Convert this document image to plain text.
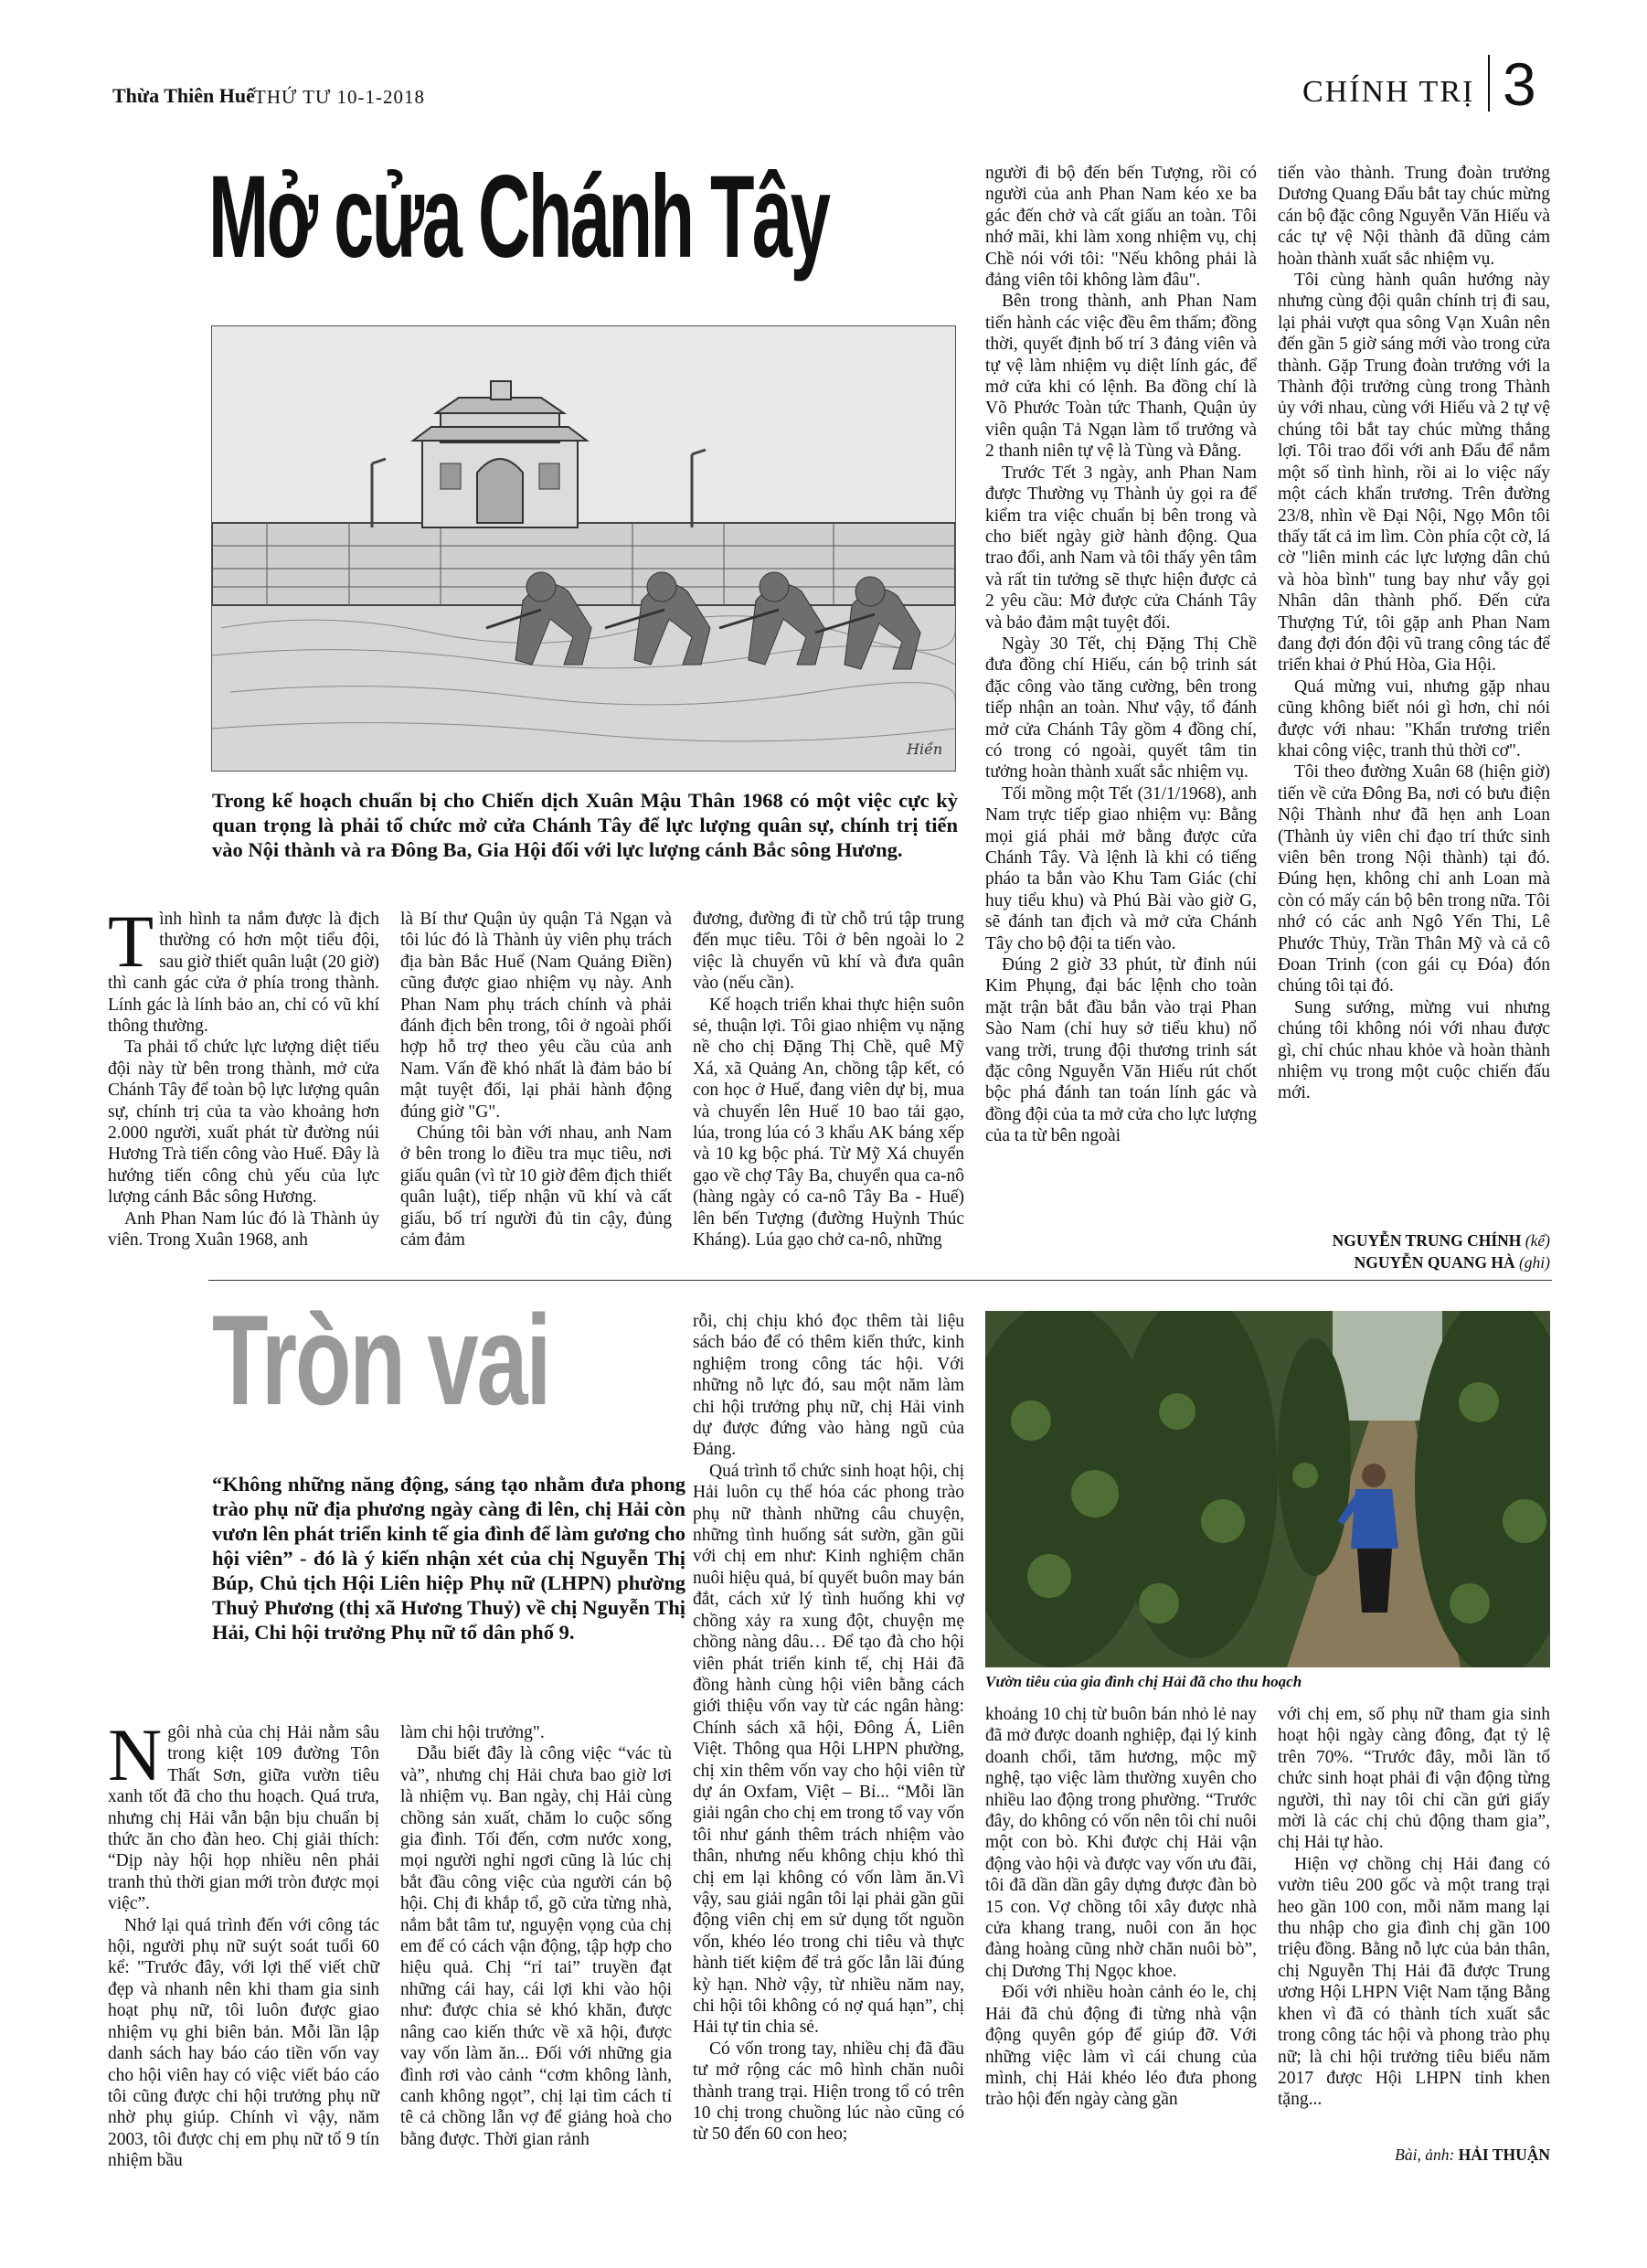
Thừa Thiên Huế THỨ TƯ 10-1-2018	CHÍNH TRỊ 3
Mở cửa Chánh Tây
Hiền
Trong kế hoạch chuẩn bị cho Chiến dịch Xuân Mậu Thân 1968 có một việc cực kỳ quan trọng là phải tổ chức mở cửa Chánh Tây để lực lượng quân sự, chính trị tiến vào Nội thành và ra Đông Ba, Gia Hội đối với lực lượng cánh Bắc sông Hương.
T ình hình ta nắm được là địch thường có hơn một tiểu đội, sau giờ thiết quân luật (20 giờ) thì canh gác cửa ở phía trong thành. Lính gác là lính bảo an, chỉ có vũ khí thông thường.

Ta phải tổ chức lực lượng diệt tiểu đội này từ bên trong thành, mở cửa Chánh Tây để toàn bộ lực lượng quân sự, chính trị của ta vào khoảng hơn 2.000 người, xuất phát từ đường núi Hương Trà tiến công vào Huế. Đây là hướng tiến công chủ yếu của lực lượng cánh Bắc sông Hương.

Anh Phan Nam lúc đó là Thành ủy viên. Trong Xuân 1968, anh

là Bí thư Quận ủy quận Tả Ngạn và tôi lúc đó là Thành ủy viên phụ trách địa bàn Bắc Huế (Nam Quảng Điền) cũng được giao nhiệm vụ này. Anh Phan Nam phụ trách chính và phải đánh địch bên trong, tôi ở ngoài phối hợp hỗ trợ theo yêu cầu của anh Nam. Vấn đề khó nhất là đảm bảo bí mật tuyệt đối, lại phải hành động đúng giờ "G".

Chúng tôi bàn với nhau, anh Nam ở bên trong lo điều tra mục tiêu, nơi giấu quân (vì từ 10 giờ đêm địch thiết quân luật), tiếp nhận vũ khí và cất giấu, bố trí người đủ tin cậy, đủng cảm đảm

đương, đường đi từ chỗ trú tập trung đến mục tiêu. Tôi ở bên ngoài lo 2 việc là chuyển vũ khí và đưa quân vào (nếu cần).

Kế hoạch triển khai thực hiện suôn sẻ, thuận lợi. Tôi giao nhiệm vụ nặng nề cho chị Đặng Thị Chề, quê Mỹ Xá, xã Quảng An, chồng tập kết, có con học ở Huế, đang viên dự bị, mua và chuyển lên Huế 10 bao tải gạo, lúa, trong lúa có 3 khẩu AK báng xếp và 10 kg bộc phá. Từ Mỹ Xá chuyển gạo về chợ Tây Ba, chuyển qua ca-nô (hàng ngày có ca-nô Tây Ba - Huế) lên bến Tượng (đường Huỳnh Thúc Kháng). Lúa gạo chở ca-nô, những

người đi bộ đến bến Tượng, rồi có người của anh Phan Nam kéo xe ba gác đến chở và cất giấu an toàn. Tôi nhớ mãi, khi làm xong nhiệm vụ, chị Chề nói với tôi: "Nếu không phải là đảng viên tôi không làm đâu".

Bên trong thành, anh Phan Nam tiến hành các việc đều êm thấm; đồng thời, quyết định bố trí 3 đảng viên và tự vệ làm nhiệm vụ diệt lính gác, để mở cửa khi có lệnh. Ba đồng chí là Võ Phước Toàn tức Thanh, Quận ủy viên quận Tả Ngạn làm tổ trưởng và 2 thanh niên tự vệ là Tùng và Đằng.

Trước Tết 3 ngày, anh Phan Nam được Thường vụ Thành ủy gọi ra để kiểm tra việc chuẩn bị bên trong và cho biết ngày giờ hành động. Qua trao đổi, anh Nam và tôi thấy yên tâm và rất tin tưởng sẽ thực hiện được cả 2 yêu cầu: Mở được cửa Chánh Tây và bảo đảm mật tuyệt đối.

Ngày 30 Tết, chị Đặng Thị Chề đưa đồng chí Hiếu, cán bộ trinh sát đặc công vào tăng cường, bên trong tiếp nhận an toàn. Như vậy, tổ đánh mở cửa Chánh Tây gồm 4 đồng chí, có trong có ngoài, quyết tâm tin tưởng hoàn thành xuất sắc nhiệm vụ.

Tối mồng một Tết (31/1/1968), anh Nam trực tiếp giao nhiệm vụ: Bằng mọi giá phải mở bằng được cửa Chánh Tây. Và lệnh là khi có tiếng pháo ta bắn vào Khu Tam Giác (chỉ huy tiểu khu) và Phú Bài vào giờ G, sẽ đánh tan địch và mở cửa Chánh Tây cho bộ đội ta tiến vào.

Đúng 2 giờ 33 phút, từ đỉnh núi Kim Phụng, đại bác lệnh cho toàn mặt trận bắt đầu bắn vào trại Phan Sào Nam (chỉ huy sở tiểu khu) nổ vang trời, trung đội thương trinh sát đặc công Nguyễn Văn Hiếu rút chốt bộc phá đánh tan toán lính gác và đồng đội của ta mở cửa cho lực lượng của ta từ bên ngoài

tiến vào thành. Trung đoàn trưởng Dương Quang Đẩu bắt tay chúc mừng cán bộ đặc công Nguyễn Văn Hiếu và các tự vệ Nội thành đã dũng cảm hoàn thành xuất sắc nhiệm vụ.

Tôi cùng hành quân hướng này nhưng cùng đội quân chính trị đi sau, lại phải vượt qua sông Vạn Xuân nên đến gần 5 giờ sáng mới vào trong cửa thành. Gặp Trung đoàn trưởng với la Thành đội trưởng cùng trong Thành ủy với nhau, cùng với Hiếu và 2 tự vệ chúng tôi bắt tay chúc mừng thắng lợi. Tôi trao đổi với anh Đẩu để nắm một số tình hình, rồi ai lo việc nấy một cách khẩn trương. Trên đường 23/8, nhìn về Đại Nội, Ngọ Môn tôi thấy tất cả im lìm. Còn phía cột cờ, lá cờ "liên minh các lực lượng dân chủ và hòa bình" tung bay như vẫy gọi Nhân dân thành phố. Đến cửa Thượng Tứ, tôi gặp anh Phan Nam đang đợi đón đội vũ trang công tác để triển khai ở Phú Hòa, Gia Hội.

Quá mừng vui, nhưng gặp nhau cũng không biết nói gì hơn, chỉ nói được với nhau: "Khẩn trương triển khai công việc, tranh thủ thời cơ".

Tôi theo đường Xuân 68 (hiện giờ) tiến về cửa Đông Ba, nơi có bưu điện Nội Thành như đã hẹn anh Loan (Thành ủy viên chỉ đạo trí thức sinh viên bên trong Nội thành) tại đó. Đúng hẹn, không chỉ anh Loan mà còn có mấy cán bộ bên trong nữa. Tôi nhớ có các anh Ngô Yến Thi, Lê Phước Thủy, Trần Thân Mỹ và cả cô Đoan Trinh (con gái cụ Đóa) đón chúng tôi tại đó.

Sung sướng, mừng vui nhưng chúng tôi không nói với nhau được gì, chỉ chúc nhau khỏe và hoàn thành nhiệm vụ trong một cuộc chiến đấu mới.

NGUYỄN TRUNG CHÍNH (kể)
NGUYỄN QUANG HÀ (ghi)
Tròn vai
“Không những năng động, sáng tạo nhằm đưa phong trào phụ nữ địa phương ngày càng đi lên, chị Hải còn vươn lên phát triển kinh tế gia đình để làm gương cho hội viên” - đó là ý kiến nhận xét của chị Nguyễn Thị Búp, Chủ tịch Hội Liên hiệp Phụ nữ (LHPN) phường Thuỷ Phương (thị xã Hương Thuỷ) về chị Nguyễn Thị Hải, Chi hội trưởng Phụ nữ tổ dân phố 9.
Vườn tiêu của gia đình chị Hải đã cho thu hoạch
N gôi nhà của chị Hải nằm sâu trong kiệt 109 đường Tôn Thất Sơn, giữa vườn tiêu xanh tốt đã cho thu hoạch. Quá trưa, nhưng chị Hải vẫn bận bịu chuẩn bị thức ăn cho đàn heo. Chị giải thích: “Dịp này hội họp nhiều nên phải tranh thủ thời gian mới tròn được mọi việc”.

Nhớ lại quá trình đến với công tác hội, người phụ nữ suýt soát tuổi 60 kể: "Trước đây, với lợi thế viết chữ đẹp và nhanh nên khi tham gia sinh hoạt phụ nữ, tôi luôn được giao nhiệm vụ ghi biên bản. Mỗi lần lập danh sách hay báo cáo tiền vốn vay cho hội viên hay có việc viết báo cáo tôi cũng được chi hội trưởng phụ nữ nhờ phụ giúp. Chính vì vậy, năm 2003, tôi được chị em phụ nữ tổ 9 tín nhiệm bầu

làm chi hội trưởng".

Dẫu biết đây là công việc “vác tù và”, nhưng chị Hải chưa bao giờ lơi là nhiệm vụ. Ban ngày, chị Hải cùng chồng sản xuất, chăm lo cuộc sống gia đình. Tối đến, cơm nước xong, mọi người nghỉ ngơi cũng là lúc chị bắt đầu công việc của người cán bộ hội. Chị đi khắp tổ, gõ cửa từng nhà, nắm bắt tâm tư, nguyện vọng của chị em để có cách vận động, tập hợp cho hiệu quả. Chị “rỉ tai” truyền đạt những cái hay, cái lợi khi vào hội như: được chia sẻ khó khăn, được nâng cao kiến thức về xã hội, được vay vốn làm ăn... Đối với những gia đình rơi vào cảnh “cơm không lành, canh không ngọt”, chị lại tìm cách tỉ tê cả chồng lẫn vợ để giảng hoà cho bằng được. Thời gian rảnh

rỗi, chị chịu khó đọc thêm tài liệu sách báo để có thêm kiến thức, kinh nghiệm trong công tác hội. Với những nỗ lực đó, sau một năm làm chi hội trưởng phụ nữ, chị Hải vinh dự được đứng vào hàng ngũ của Đảng.

Quá trình tổ chức sinh hoạt hội, chị Hải luôn cụ thể hóa các phong trào phụ nữ thành những câu chuyện, những tình huống sát sườn, gần gũi với chị em như: Kinh nghiệm chăn nuôi hiệu quả, bí quyết buôn may bán đắt, cách xử lý tình huống khi vợ chồng xảy ra xung đột, chuyện mẹ chồng nàng dâu… Để tạo đà cho hội viên phát triển kinh tế, chị Hải đã đồng hành cùng hội viên bằng cách giới thiệu vốn vay từ các ngân hàng: Chính sách xã hội, Đông Á, Liên Việt. Thông qua Hội LHPN phường, chị xin thêm vốn vay cho hội viên từ dự án Oxfam, Việt – Bỉ... “Mỗi lần giải ngân cho chị em trong tổ vay vốn tôi như gánh thêm trách nhiệm vào thân, nhưng nếu không chịu khó thì chị em lại không có vốn làm ăn.Vì vậy, sau giải ngân tôi lại phải gần gũi động viên chị em sử dụng tốt nguồn vốn, khéo léo trong chi tiêu và thực hành tiết kiệm để trả gốc lẫn lãi đúng kỳ hạn. Nhờ vậy, từ nhiều năm nay, chi hội tôi không có nợ quá hạn”, chị Hải tự tin chia sẻ.

Có vốn trong tay, nhiều chị đã đầu tư mở rộng các mô hình chăn nuôi thành trang trại. Hiện trong tổ có trên 10 chị trong chuồng lúc nào cũng có từ 50 đến 60 con heo;

khoảng 10 chị từ buôn bán nhỏ lẻ nay đã mở được doanh nghiệp, đại lý kinh doanh chổi, tăm hương, mộc mỹ nghệ, tạo việc làm thường xuyên cho nhiều lao động trong phường. “Trước đây, do không có vốn nên tôi chỉ nuôi một con bò. Khi được chị Hải vận động vào hội và được vay vốn ưu đãi, tôi đã dần dần gây dựng được đàn bò 15 con. Vợ chồng tôi xây được nhà cửa khang trang, nuôi con ăn học đàng hoàng cũng nhờ chăn nuôi bò”, chị Dương Thị Ngọc khoe.

Đối với nhiều hoàn cảnh éo le, chị Hải đã chủ động đi từng nhà vận động quyên góp để giúp đỡ. Với những việc làm vì cái chung của mình, chị Hải khéo léo đưa phong trào hội đến ngày càng gần

với chị em, số phụ nữ tham gia sinh hoạt hội ngày càng đông, đạt tỷ lệ trên 70%. “Trước đây, mỗi lần tổ chức sinh hoạt phải đi vận động từng người, thì nay tôi chỉ cần gửi giấy mời là các chị chủ động tham gia”, chị Hải tự hào.

Hiện vợ chồng chị Hải đang có vườn tiêu 200 gốc và một trang trại heo gần 100 con, mỗi năm mang lại thu nhập cho gia đình chị gần 100 triệu đồng. Bằng nỗ lực của bản thân, chị Nguyễn Thị Hải đã được Trung ương Hội LHPN Việt Nam tặng Bằng khen vì đã có thành tích xuất sắc trong công tác hội và phong trào phụ nữ; là chi hội trưởng tiêu biểu năm 2017 được Hội LHPN tỉnh khen tặng...

Bài, ảnh: HẢI THUẬN
